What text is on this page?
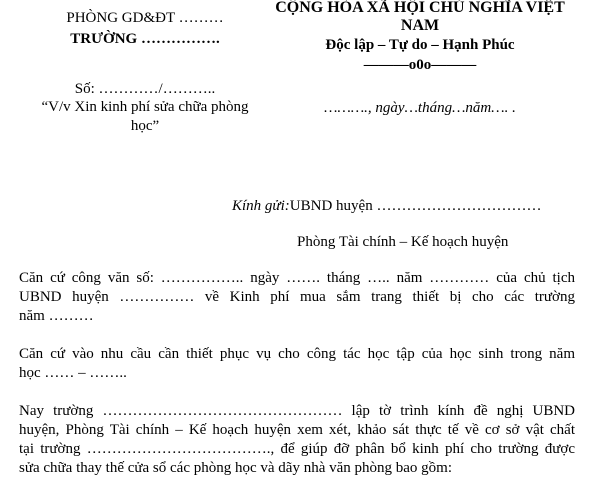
PHÒNG GD&ĐT ………
TRƯỜNG …………….
CỘNG HÒA XÃ HỘI CHỦ NGHĨA VIỆT
NAM
Độc lập – Tự do – Hạnh Phúc
———o0o———
Số: …………/………..
“V/v Xin kinh phí sửa chữa phòng
học”
………., ngày…tháng…năm…. .
Kính gửi:UBND huyện ……………………………
Phòng Tài chính – Kế hoạch huyện
Căn cứ công văn số: …………….. ngày ……. tháng ….. năm ………… của chủ tịch
UBND huyện …………… về Kinh phí mua sắm trang thiết bị cho các trường
năm ………
Căn cứ vào nhu cầu cần thiết phục vụ cho công tác học tập của học sinh trong năm
học …… – ……..
Nay trường ………………………………………… lập tờ trình kính đề nghị UBND
huyện, Phòng Tài chính – Kế hoạch huyện xem xét, khảo sát thực tế về cơ sở vật chất
tại trường ………………………………., để giúp đỡ phân bổ kinh phí cho trường được
sửa chữa thay thế cửa sổ các phòng học và dãy nhà văn phòng bao gồm:
